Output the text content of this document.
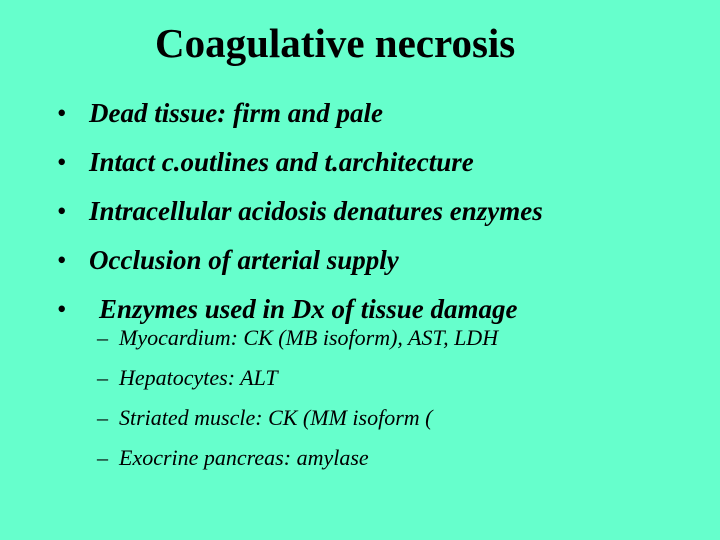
Coagulative necrosis
• Dead tissue: firm and pale
• Intact c.outlines and t.architecture
• Intracellular acidosis denatures enzymes
• Occlusion of arterial supply
• Enzymes used in Dx of tissue damage
– Myocardium: CK (MB isoform), AST, LDH
– Hepatocytes: ALT
– Striated muscle: CK (MM isoform (
– Exocrine pancreas: amylase
